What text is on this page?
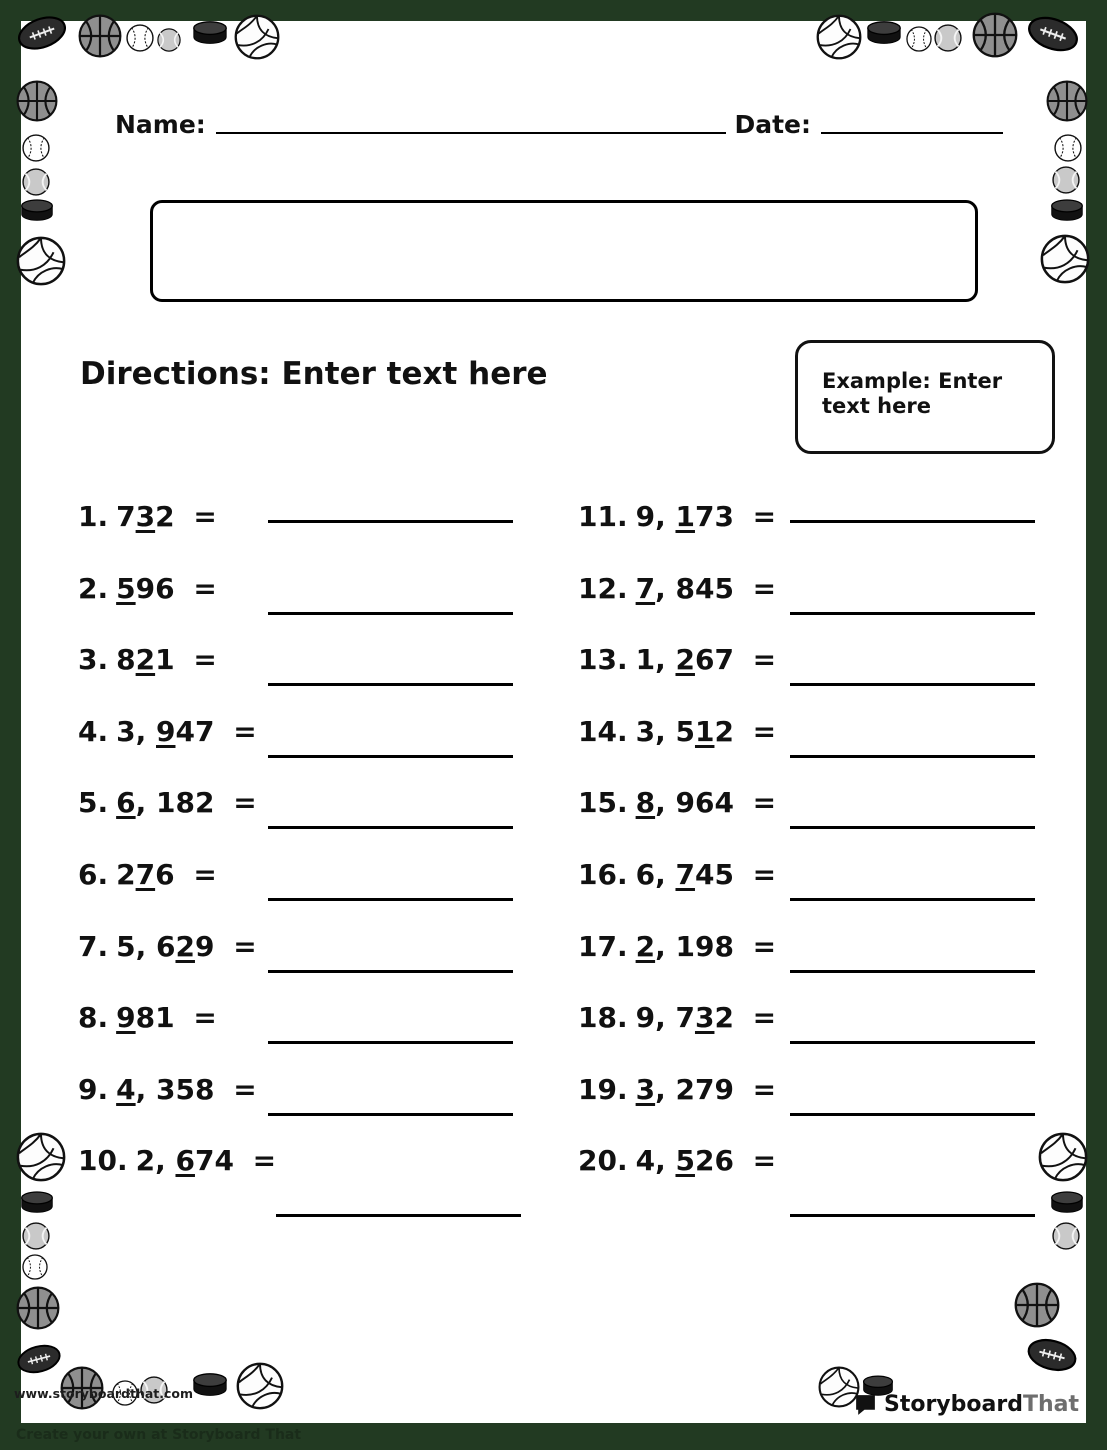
Name:	Date:
Directions: Enter text here	Example: Enter text here
1. 732 =
2. 596 =
3. 821 =
4. 3, 947 =
5. 6, 182 =
6. 276 =
7. 5, 629 =
8. 981 =
9. 4, 358 =
10. 2, 674 =
11. 9, 173 =
12. 7, 845 =
13. 1, 267 =
14. 3, 512 =
15. 8, 964 =
16. 6, 745 =
17. 2, 198 =
18. 9, 732 =
19. 3, 279 =
20. 4, 526 =
www.storyboardthat.com
Create your own at Storyboard That
StoryboardThat
